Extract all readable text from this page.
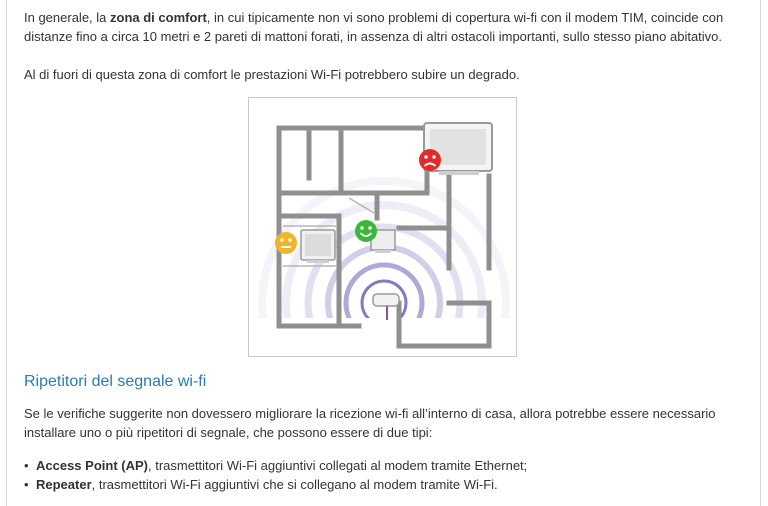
In generale, la zona di comfort, in cui tipicamente non vi sono problemi di copertura wi-fi con il modem TIM, coincide con distanze fino a circa 10 metri e 2 pareti di mattoni forati, in assenza di altri ostacoli importanti, sullo stesso piano abitativo.

Al di fuori di questa zona di comfort le prestazioni Wi-Fi potrebbero subire un degrado.

Ripetitori del segnale wi-fi

Se le verifiche suggerite non dovessero migliorare la ricezione wi-fi all’interno di casa, allora potrebbe essere necessario installare uno o più ripetitori di segnale, che possono essere di due tipi:

• Access Point (AP), trasmettitori Wi-Fi aggiuntivi collegati al modem tramite Ethernet;
• Repeater, trasmettitori Wi-Fi aggiuntivi che si collegano al modem tramite Wi-Fi.
